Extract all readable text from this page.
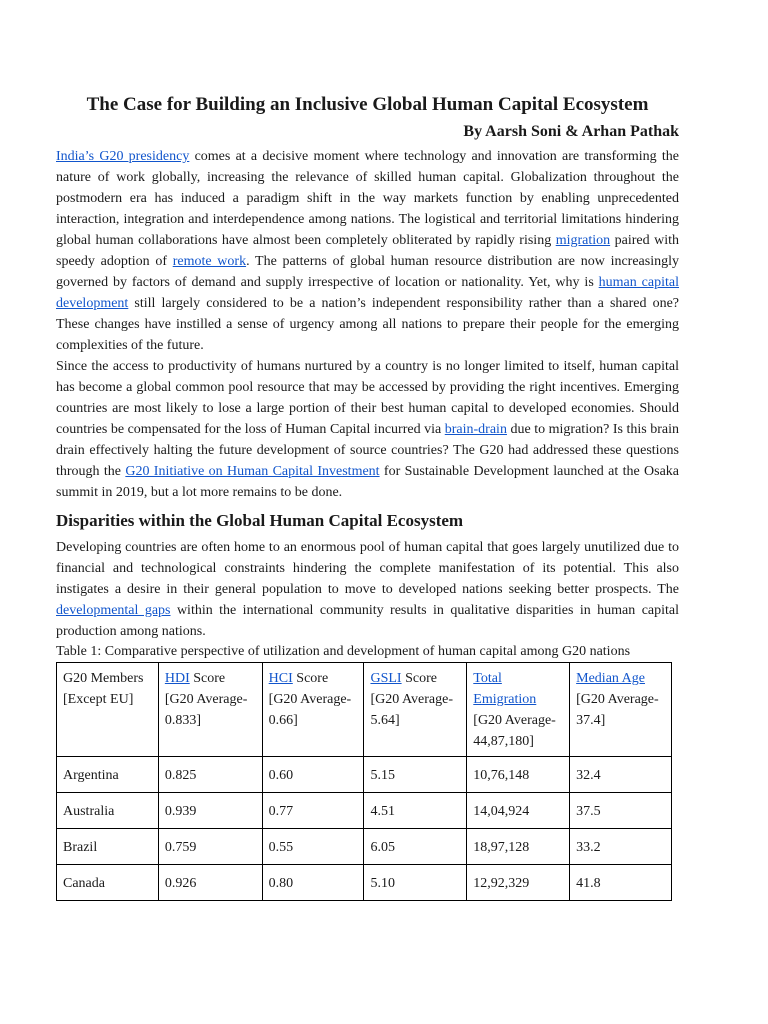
The Case for Building an Inclusive Global Human Capital Ecosystem
By Aarsh Soni & Arhan Pathak

India’s G20 presidency comes at a decisive moment where technology and innovation are transforming the nature of work globally, increasing the relevance of skilled human capital. Globalization throughout the postmodern era has induced a paradigm shift in the way markets function by enabling unprecedented interaction, integration and interdependence among nations. The logistical and territorial limitations hindering global human collaborations have almost been completely obliterated by rapidly rising migration paired with speedy adoption of remote work. The patterns of global human resource distribution are now increasingly governed by factors of demand and supply irrespective of location or nationality. Yet, why is human capital development still largely considered to be a nation’s independent responsibility rather than a shared one? These changes have instilled a sense of urgency among all nations to prepare their people for the emerging complexities of the future.

Since the access to productivity of humans nurtured by a country is no longer limited to itself, human capital has become a global common pool resource that may be accessed by providing the right incentives. Emerging countries are most likely to lose a large portion of their best human capital to developed economies. Should countries be compensated for the loss of Human Capital incurred via brain-drain due to migration? Is this brain drain effectively halting the future development of source countries? The G20 had addressed these questions through the G20 Initiative on Human Capital Investment for Sustainable Development launched at the Osaka summit in 2019, but a lot more remains to be done.

Disparities within the Global Human Capital Ecosystem

Developing countries are often home to an enormous pool of human capital that goes largely unutilized due to financial and technological constraints hindering the complete manifestation of its potential. This also instigates a desire in their general population to move to developed nations seeking better prospects. The developmental gaps within the international community results in qualitative disparities in human capital production among nations.

Table 1: Comparative perspective of utilization and development of human capital among G20 nations
G20 Members [Except EU]	HDI Score [G20 Average-0.833]	HCI Score [G20 Average-0.66]	GSLI Score [G20 Average-5.64]	Total Emigration [G20 Average-44,87,180]	Median Age [G20 Average-37.4]
Argentina	0.825	0.60	5.15	10,76,148	32.4
Australia	0.939	0.77	4.51	14,04,924	37.5
Brazil	0.759	0.55	6.05	18,97,128	33.2
Canada	0.926	0.80	5.10	12,92,329	41.8
